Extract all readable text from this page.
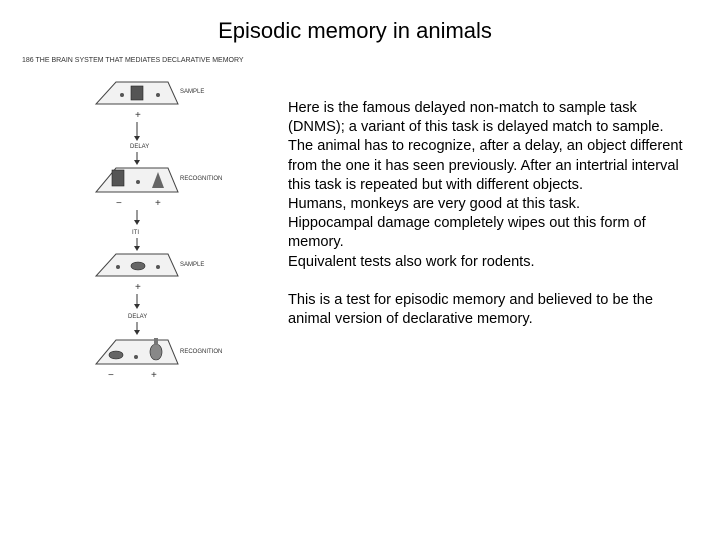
Episodic memory in animals
186 THE BRAIN SYSTEM THAT MEDIATES DECLARATIVE MEMORY
SAMPLE
+
DELAY
RECOGNITION
−	+
ITI
SAMPLE
+
DELAY
RECOGNITION
−	+

Here is the famous delayed non-match to sample task (DNMS); a variant of this task is delayed match to sample. The animal has to recognize, after a delay, an object different from the one it has seen previously. After an intertrial interval this task is repeated but with different objects.

Humans, monkeys are very good at this task.

Hippocampal damage completely wipes out this form of memory.

Equivalent tests also work for rodents.

This is a test for episodic memory and believed to be the animal version of declarative memory.
